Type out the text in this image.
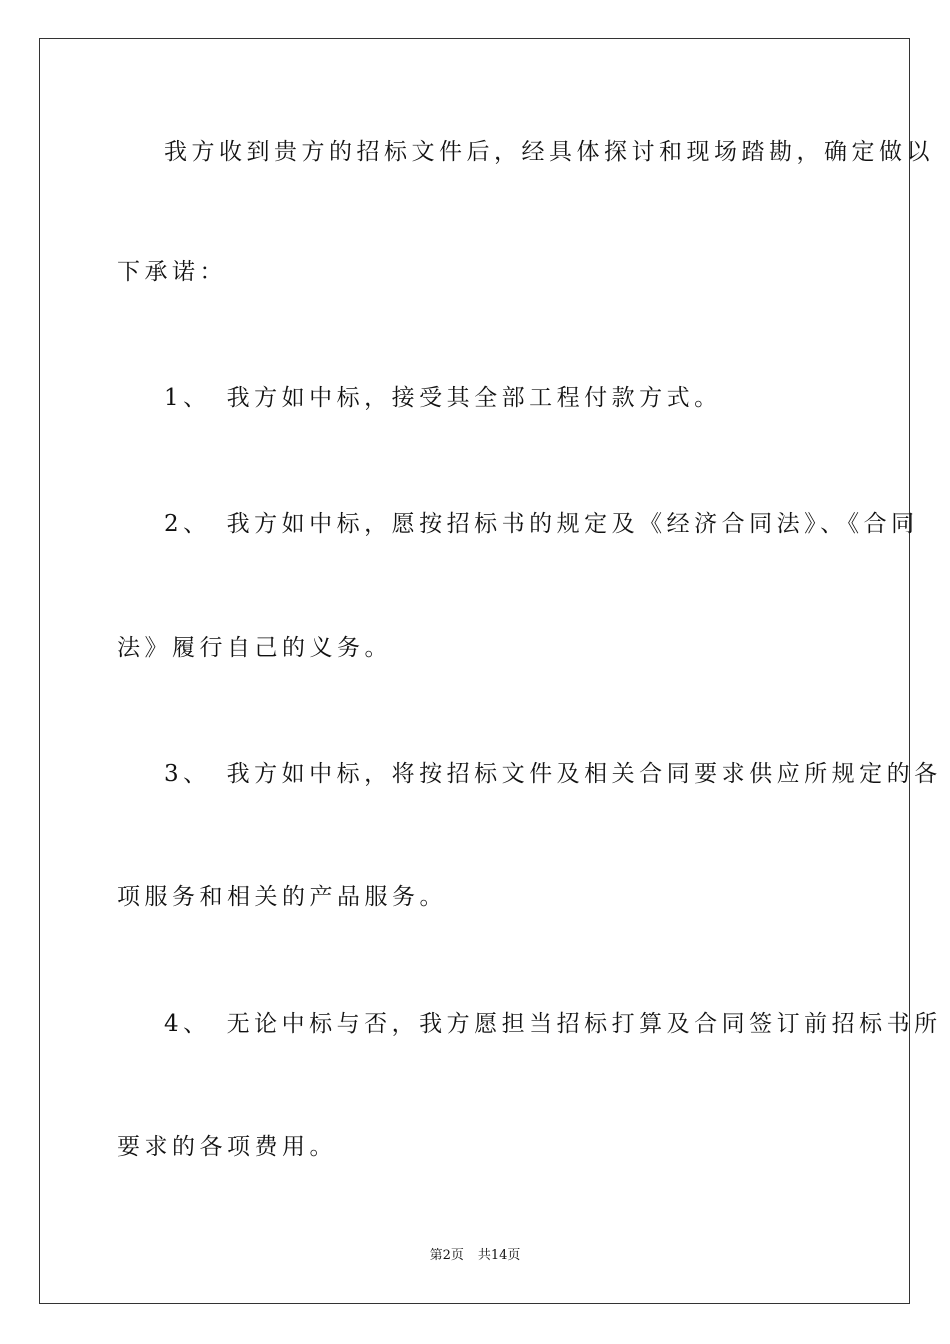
我方收到贵方的招标文件后，经具体探讨和现场踏勘，确定做以
下承诺：
1、 我方如中标，接受其全部工程付款方式。
2、 我方如中标，愿按招标书的规定及《经济合同法》、《合同
法》履行自己的义务。
3、 我方如中标，将按招标文件及相关合同要求供应所规定的各
项服务和相关的产品服务。
4、 无论中标与否，我方愿担当招标打算及合同签订前招标书所
要求的各项费用。
第2页 共14页
